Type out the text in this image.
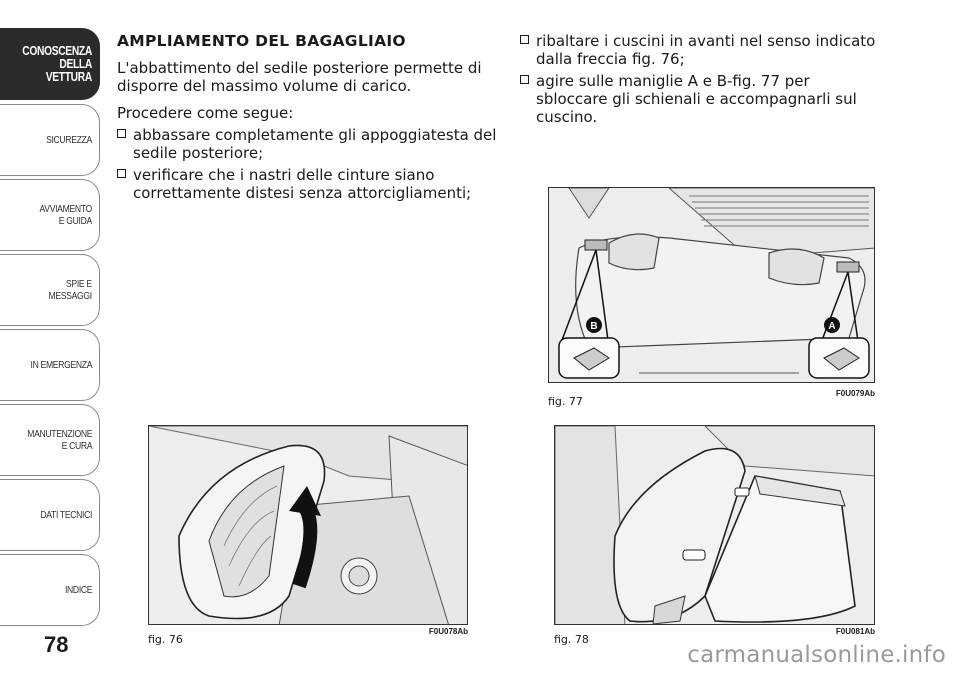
CONOSCENZA
DELLA
VETTURA
SICUREZZA
AVVIAMENTO
E GUIDA
SPIE E
MESSAGGI
IN EMERGENZA
MANUTENZIONE
E CURA
DATI TECNICI
INDICE
78
AMPLIAMENTO DEL BAGAGLIAIO
L'abbattimento del sedile posteriore permette di disporre del massimo volume di carico.
Procedere come segue:
abbassare completamente gli appoggiatesta del sedile posteriore;
verificare che i nastri delle cinture siano correttamente distesi senza attorcigliamenti;
ribaltare i cuscini in avanti nel senso indicato dalla freccia fig. 76;
agire sulle maniglie A e B-fig. 77 per sbloccare gli schienali e accompagnarli sul cuscino.
B	A
fig. 77
F0U079Ab
fig. 76
F0U078Ab
fig. 78
F0U081Ab
carmanualsonline.info
